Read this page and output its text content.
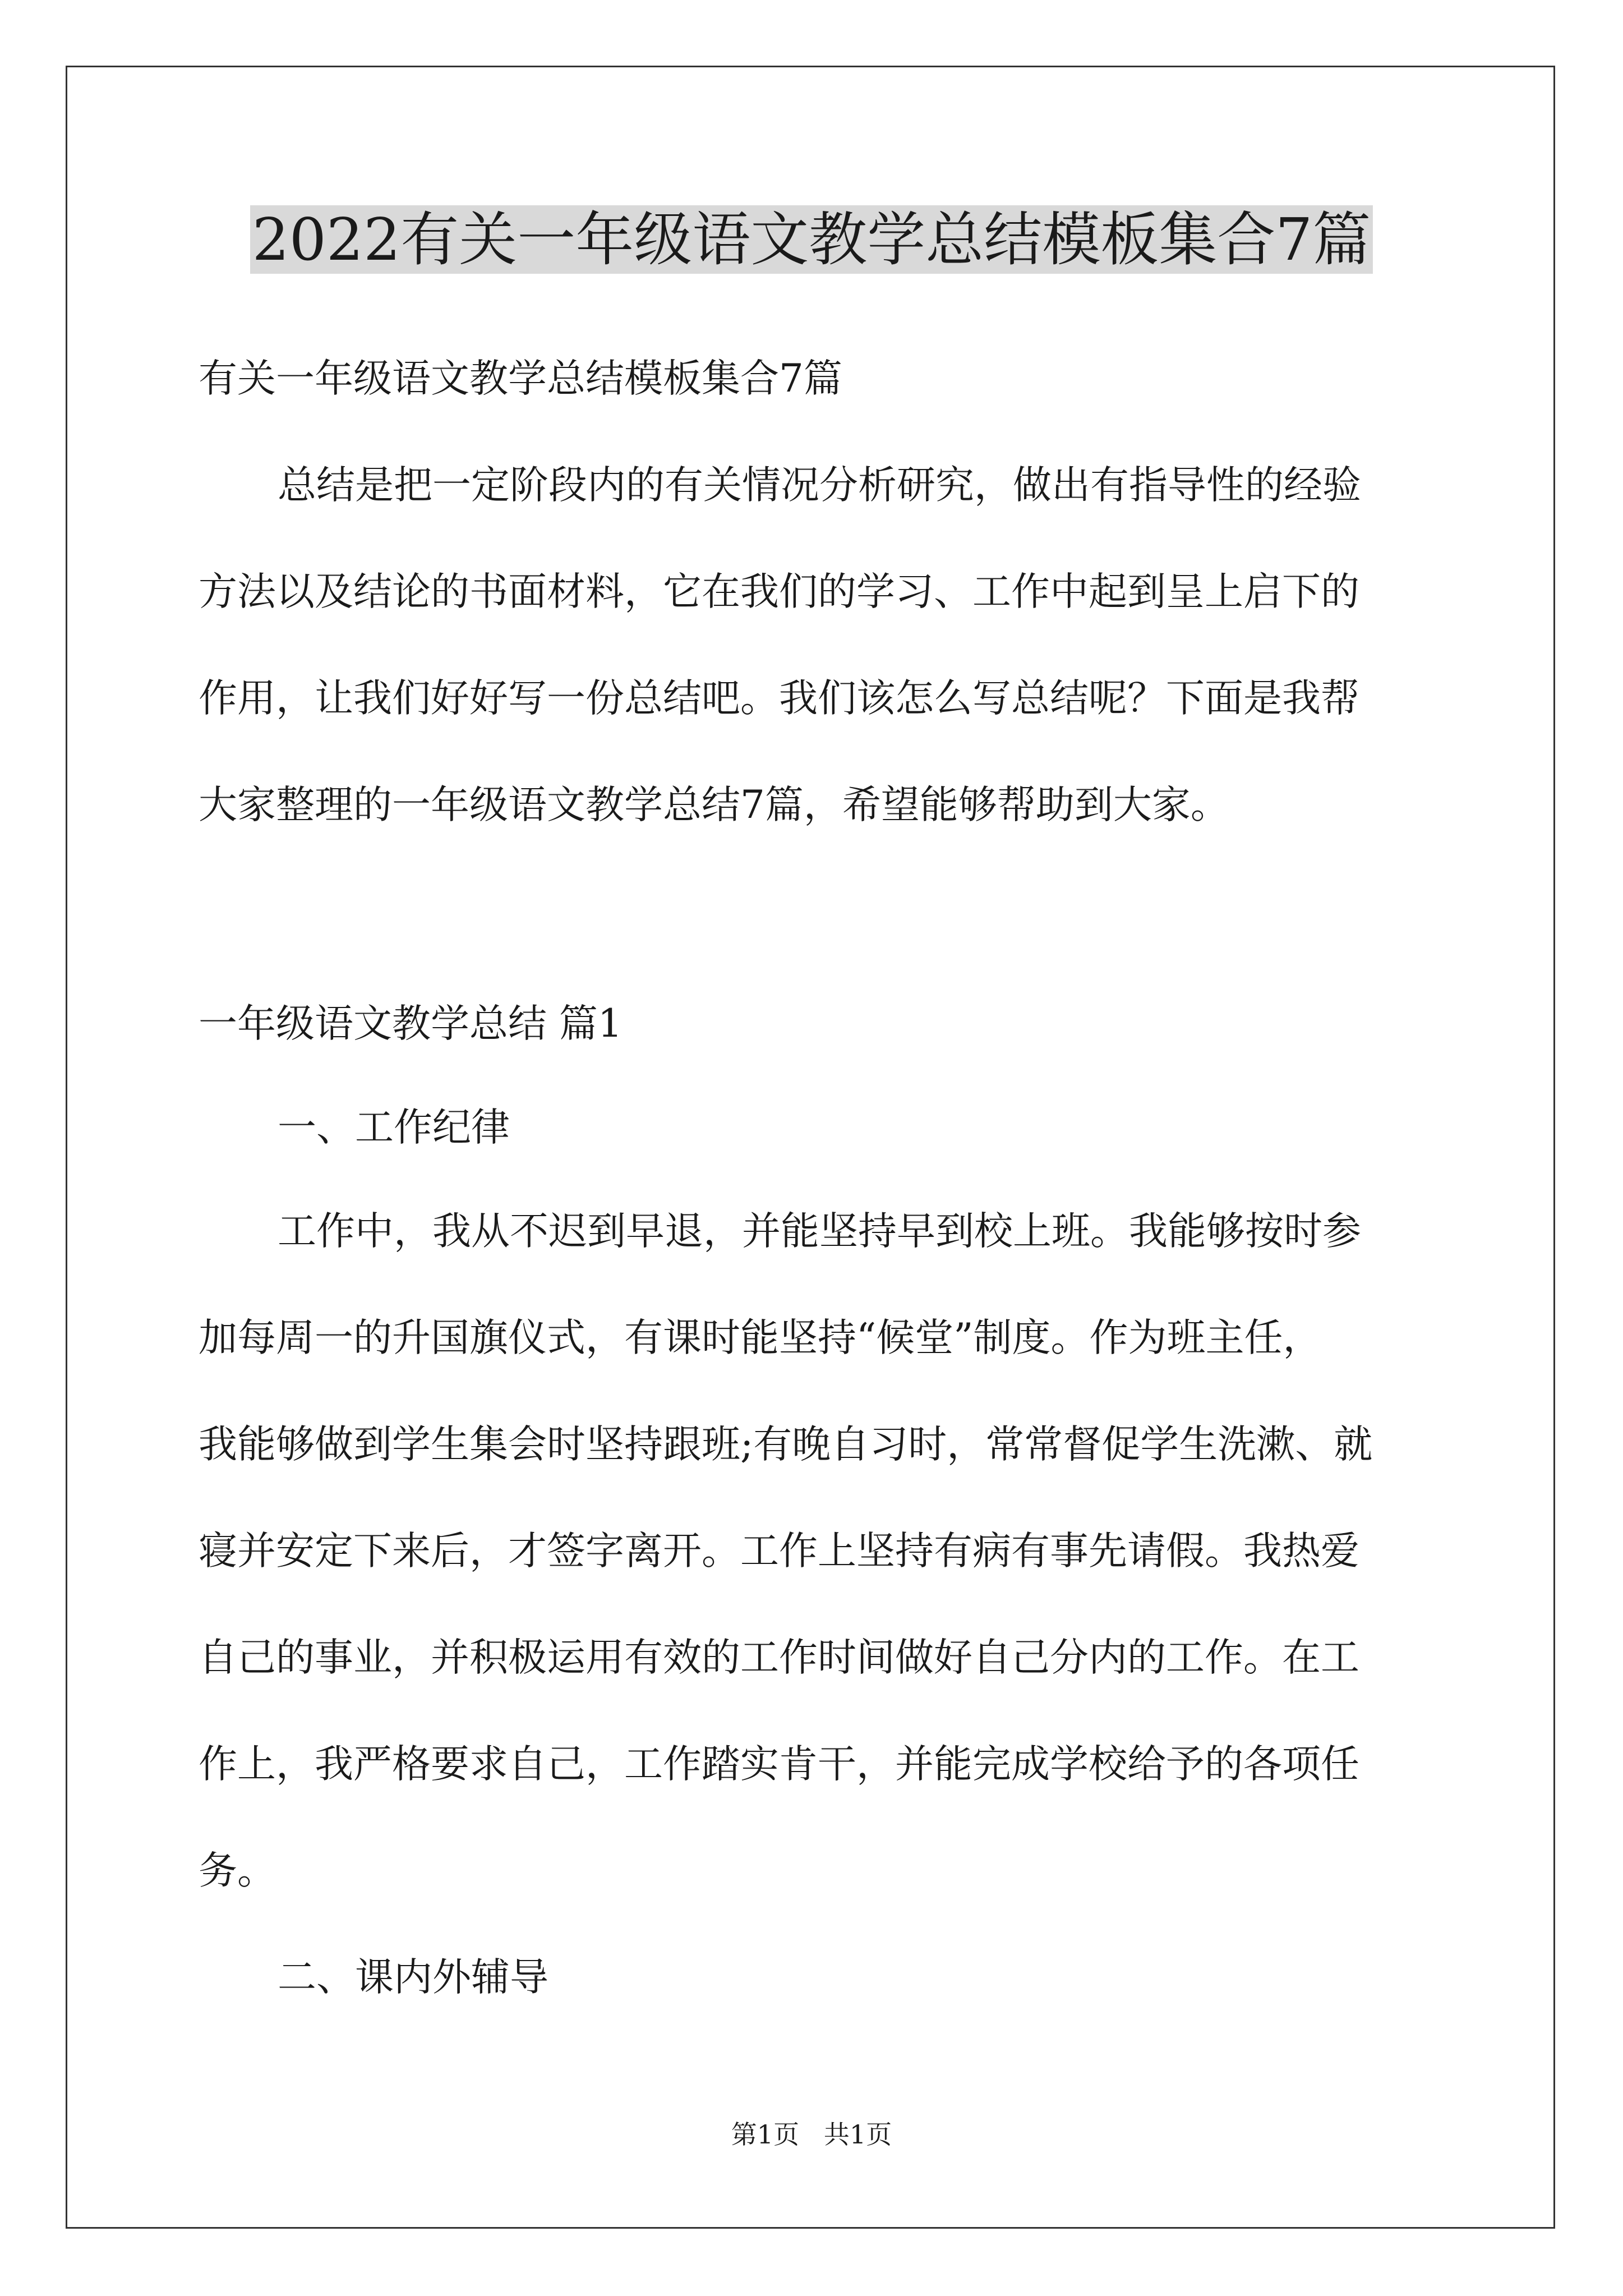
2022有关一年级语文教学总结模板集合7篇
有关一年级语文教学总结模板集合7篇
总结是把一定阶段内的有关情况分析研究，做出有指导性的经验
方法以及结论的书面材料，它在我们的学习、工作中起到呈上启下的
作用，让我们好好写一份总结吧。我们该怎么写总结呢？下面是我帮
大家整理的一年级语文教学总结7篇，希望能够帮助到大家。
一年级语文教学总结 篇1
一、工作纪律
工作中，我从不迟到早退，并能坚持早到校上班。我能够按时参
加每周一的升国旗仪式，有课时能坚持“候堂”制度。作为班主任，
我能够做到学生集会时坚持跟班;有晚自习时，常常督促学生洗漱、就
寝并安定下来后，才签字离开。工作上坚持有病有事先请假。我热爱
自己的事业，并积极运用有效的工作时间做好自己分内的工作。在工
作上，我严格要求自己，工作踏实肯干，并能完成学校给予的各项任
务。
二、课内外辅导
第1页   共1页
